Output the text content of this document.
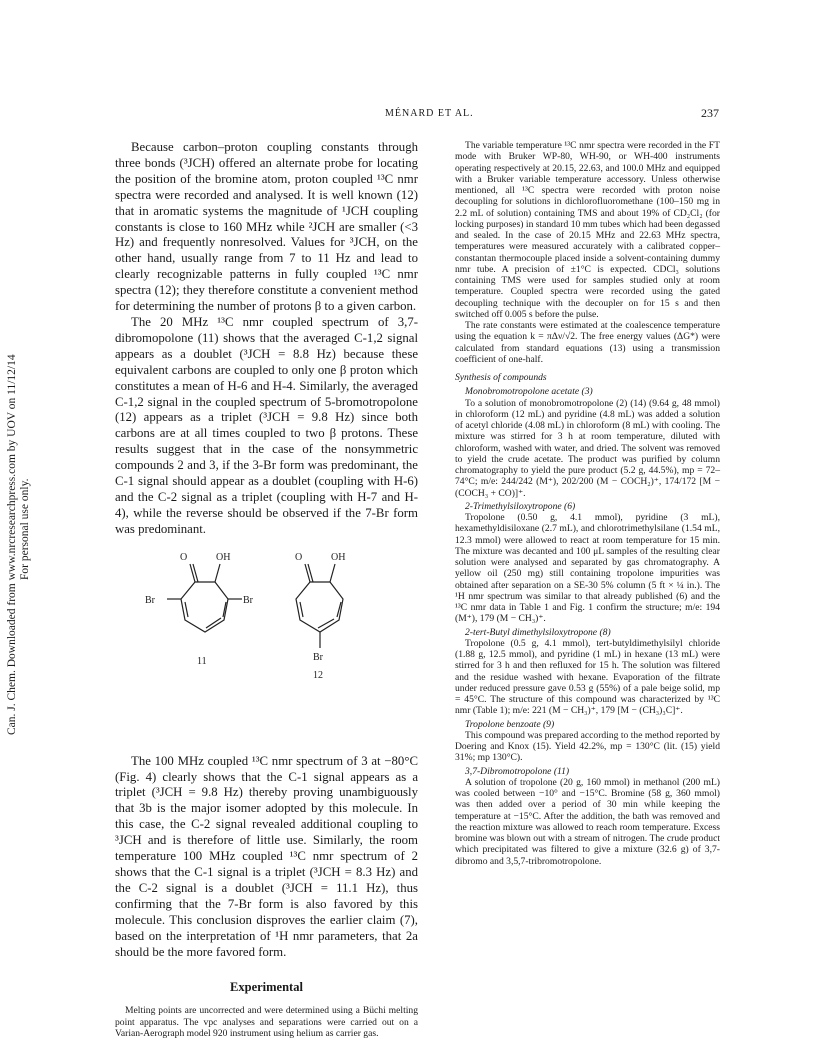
Can. J. Chem. Downloaded from www.nrcresearchpress.com by UOV on 11/12/14 For personal use only.
MÉNARD ET AL.	237

Because carbon–proton coupling constants through three bonds (³JCH) offered an alternate probe for locating the position of the bromine atom, proton coupled ¹³C nmr spectra were recorded and analysed. It is well known (12) that in aromatic systems the magnitude of ¹JCH coupling constants is close to 160 MHz while ²JCH are smaller (<3 Hz) and frequently nonresolved. Values for ³JCH, on the other hand, usually range from 7 to 11 Hz and lead to clearly recognizable patterns in fully coupled ¹³C nmr spectra (12); they therefore constitute a convenient method for determining the number of protons β to a given carbon.

The 20 MHz ¹³C nmr coupled spectrum of 3,7-dibromopolone (11) shows that the averaged C-1,2 signal appears as a doublet (³JCH = 8.8 Hz) because these equivalent carbons are coupled to only one β proton which constitutes a mean of H-6 and H-4. Similarly, the averaged C-1,2 signal in the coupled spectrum of 5-bromotropolone (12) appears as a triplet (³JCH = 9.8 Hz) since both carbons are at all times coupled to two β protons. These results suggest that in the case of the nonsymmetric compounds 2 and 3, if the 3-Br form was predominant, the C-1 signal should appear as a doublet (coupling with H-6) and the C-2 signal as a triplet (coupling with H-7 and H-4), while the reverse should be observed if the 7-Br form was predominant.

O	OH
Br	Br
11
O	OH
Br
12

The 100 MHz coupled ¹³C nmr spectrum of 3 at −80°C (Fig. 4) clearly shows that the C-1 signal appears as a triplet (³JCH = 9.8 Hz) thereby proving unambiguously that 3b is the major isomer adopted by this molecule. In this case, the C-2 signal revealed additional coupling to ³JCH and is therefore of little use. Similarly, the room temperature 100 MHz coupled ¹³C nmr spectrum of 2 shows that the C-1 signal is a triplet (³JCH = 8.3 Hz) and the C-2 signal is a doublet (³JCH = 11.1 Hz), thus confirming that the 7-Br form is also favored by this molecule. This conclusion disproves the earlier claim (7), based on the interpretation of ¹H nmr parameters, that 2a should be the more favored form.

Experimental

Melting points are uncorrected and were determined using a Büchi melting point apparatus. The vpc analyses and separations were carried out on a Varian-Aerograph model 920 instrument using helium as carrier gas.

The variable temperature ¹³C nmr spectra were recorded in the FT mode with Bruker WP-80, WH-90, or WH-400 instruments operating respectively at 20.15, 22.63, and 100.0 MHz and equipped with a Bruker variable temperature accessory. Unless otherwise mentioned, all ¹³C spectra were recorded with proton noise decoupling for solutions in dichlorofluoromethane (100–150 mg in 2.2 mL of solution) containing TMS and about 19% of CD₂Cl₂ (for locking purposes) in standard 10 mm tubes which had been degassed and sealed. In the case of 20.15 MHz and 22.63 MHz spectra, temperatures were measured accurately with a calibrated copper–constantan thermocouple placed inside a solvent-containing dummy nmr tube. A precision of ±1°C is expected. CDCl₃ solutions containing TMS were used for samples studied only at room temperature. Coupled spectra were recorded using the gated decoupling technique with the decoupler on for 15 s and then switched off 0.005 s before the pulse.

The rate constants were estimated at the coalescence temperature using the equation k = πΔν/√2. The free energy values (ΔG*) were calculated from standard equations (13) using a transmission coefficient of one-half.

Synthesis of compounds

Monobromotropolone acetate (3)

To a solution of monobromotropolone (2) (14) (9.64 g, 48 mmol) in chloroform (12 mL) and pyridine (4.8 mL) was added a solution of acetyl chloride (4.08 mL) in chloroform (8 mL) with cooling. The mixture was stirred for 3 h at room temperature, diluted with chloroform, washed with water, and dried. The solvent was removed to yield the crude acetate. The product was purified by column chromatography to yield the pure product (5.2 g, 44.5%), mp = 72–74°C; m/e: 244/242 (M⁺), 202/200 (M − COCH₂)⁺, 174/172 [M − (COCH₃ + CO)]⁺.

2-Trimethylsiloxytropone (6)

Tropolone (0.50 g, 4.1 mmol), pyridine (3 mL), hexamethyldisiloxane (2.7 mL), and chlorotrimethylsilane (1.54 mL, 12.3 mmol) were allowed to react at room temperature for 15 min. The mixture was decanted and 100 μL samples of the resulting clear solution were analysed and separated by gas chromatography. A yellow oil (250 mg) still containing tropolone impurities was obtained after separation on a SE-30 5% column (5 ft × ¼ in.). The ¹H nmr spectrum was similar to that already published (6) and the ¹³C nmr data in Table 1 and Fig. 1 confirm the structure; m/e: 194 (M⁺), 179 (M − CH₃)⁺.

2-tert-Butyl dimethylsiloxytropone (8)

Tropolone (0.5 g, 4.1 mmol), tert-butyldimethylsilyl chloride (1.88 g, 12.5 mmol), and pyridine (1 mL) in hexane (13 mL) were stirred for 3 h and then refluxed for 15 h. The solution was filtered and the residue washed with hexane. Evaporation of the filtrate under reduced pressure gave 0.53 g (55%) of a pale beige solid, mp = 45°C. The structure of this compound was characterized by ¹³C nmr (Table 1); m/e: 221 (M − CH₃)⁺, 179 [M − (CH₃)₃C]⁺.

Tropolone benzoate (9)

This compound was prepared according to the method reported by Doering and Knox (15). Yield 42.2%, mp = 130°C (lit. (15) yield 31%; mp 130°C).

3,7-Dibromotropolone (11)

A solution of tropolone (20 g, 160 mmol) in methanol (200 mL) was cooled between −10° and −15°C. Bromine (58 g, 360 mmol) was then added over a period of 30 min while keeping the temperature at −15°C. After the addition, the bath was removed and the reaction mixture was allowed to reach room temperature. Excess bromine was blown out with a stream of nitrogen. The crude product which precipitated was filtered to give a mixture (32.6 g) of 3,7-dibromo and 3,5,7-tribromotropolone.
